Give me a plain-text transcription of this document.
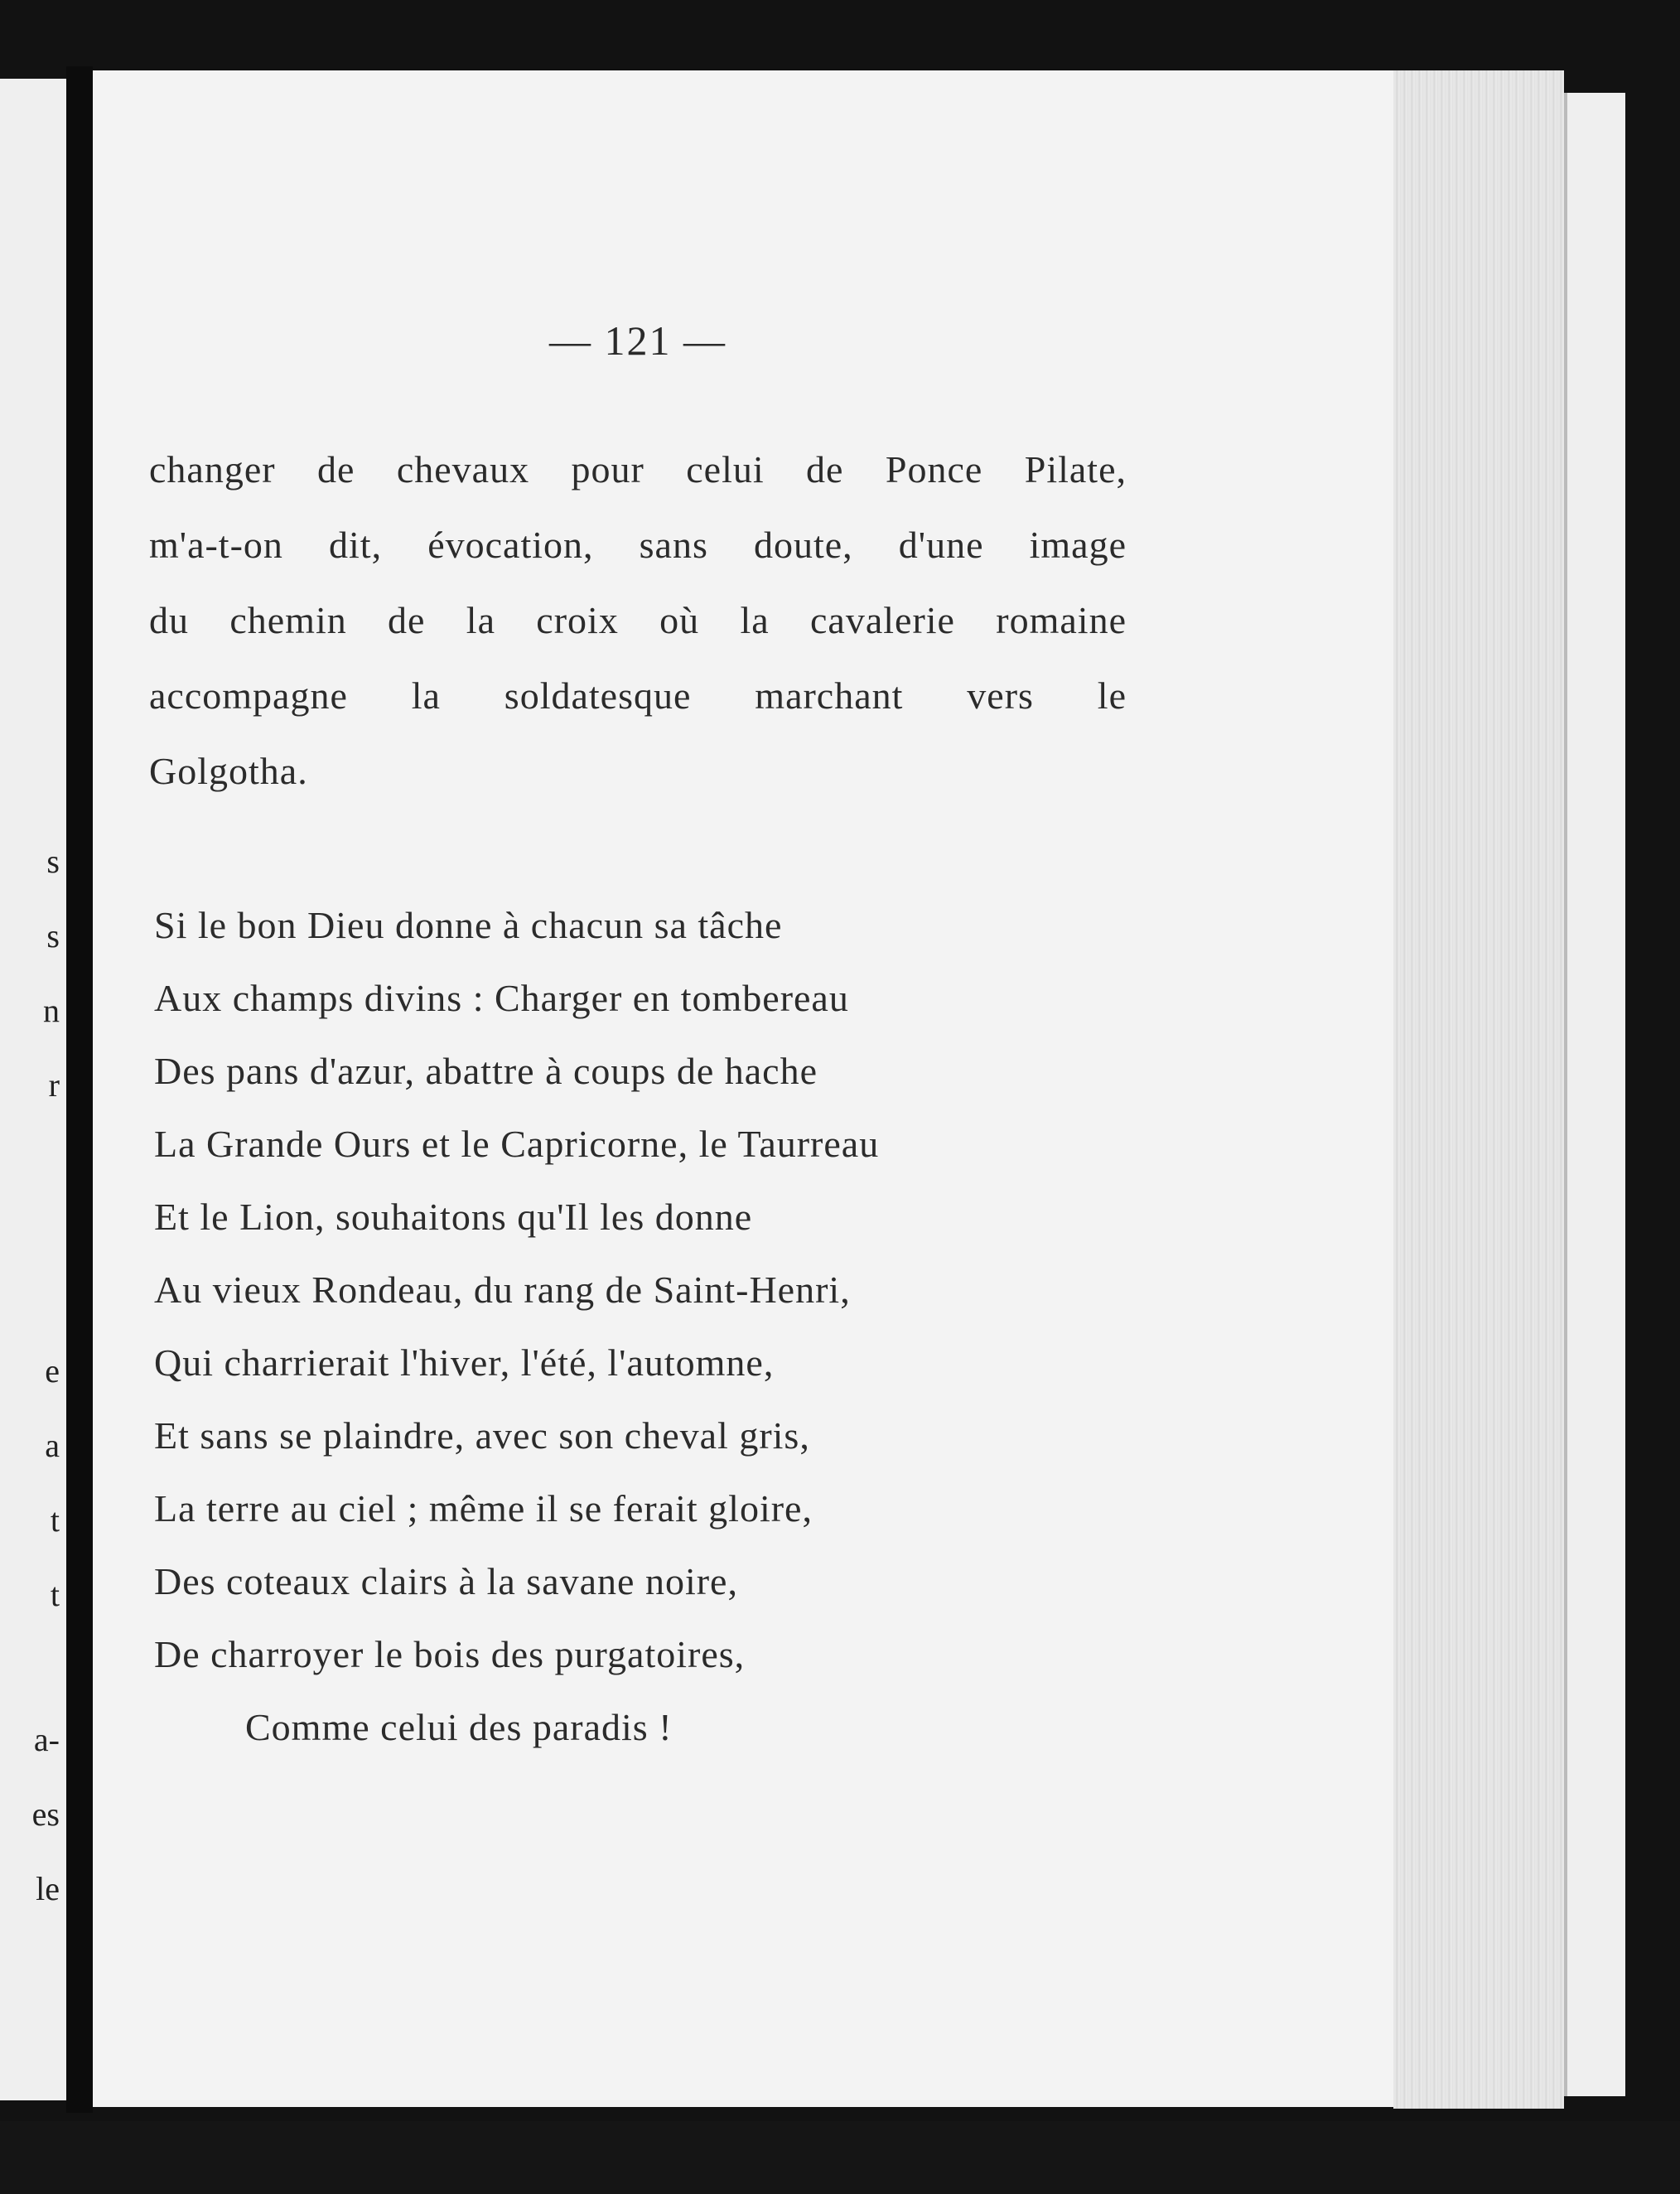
s
s
n
r
e
a
t
t
a-
es
le
— 121 —
changer de chevaux pour celui de Ponce Pilate,
m'a-t-on dit, évocation, sans doute, d'une image
du chemin de la croix où la cavalerie romaine
accompagne la soldatesque marchant vers le
Golgotha.
Si le bon Dieu donne à chacun sa tâche
Aux champs divins : Charger en tombereau
Des pans d'azur, abattre à coups de hache
La Grande Ours et le Capricorne, le Taurreau
Et le Lion, souhaitons qu'Il les donne
Au vieux Rondeau, du rang de Saint-Henri,
Qui charrierait l'hiver, l'été, l'automne,
Et sans se plaindre, avec son cheval gris,
La terre au ciel ; même il se ferait gloire,
Des coteaux clairs à la savane noire,
De charroyer le bois des purgatoires,
Comme celui des paradis !
